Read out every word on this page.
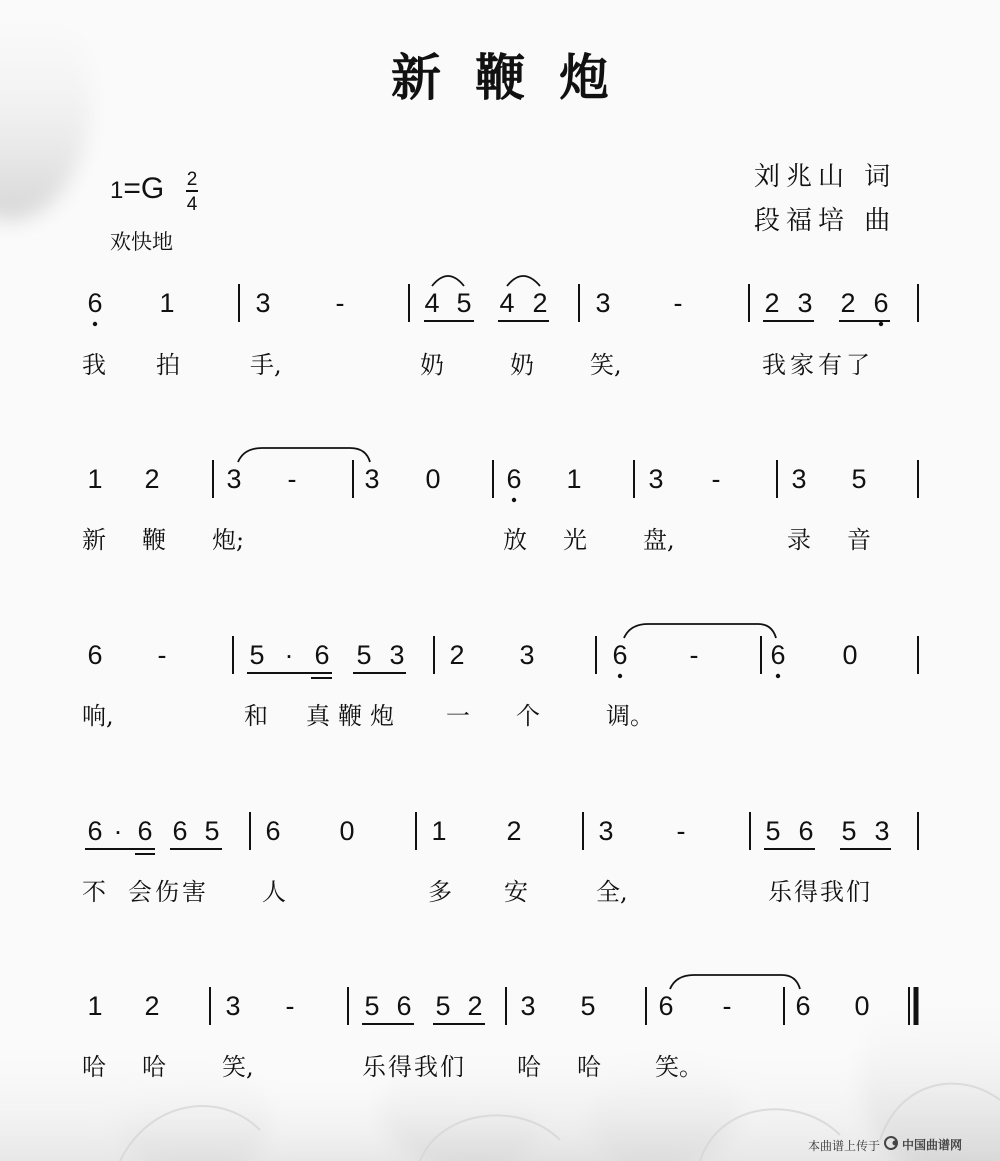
新鞭炮
刘兆山 词
段福培 曲
1=G 2
4
欢快地
6 1	3 -	4 5 4 2 3 -	2 3 2 6
1 2 3 -	3 0 6 1 3 -	3 5
6 -	5 · 6 5 3 2 3	6 -	6 0
6 · 6 6 5 6 0	1 2	3 -	5 6 5 3
1 2 3 -	5 6 5 2 3 5 6 - 6 0
我 拍	手,	奶	奶 笑,	我家有了
新 鞭 炮;	放 光 盘,	录 音
响,	和 真鞭炮 一 个	调。
不 会伤害 人	多 安	全,	乐得我们
哈 哈 笑,	乐得我们 哈 哈 笑。
本曲谱上传于 中国曲谱网
